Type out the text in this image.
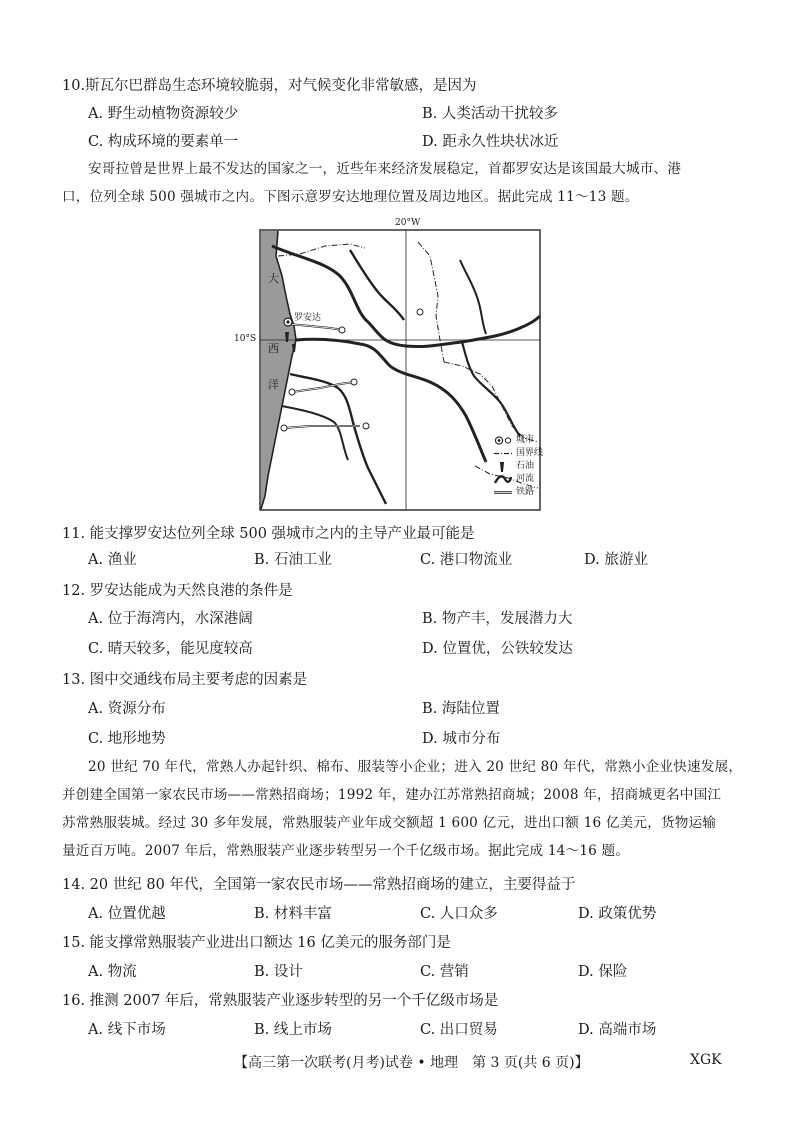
10.斯瓦尔巴群岛生态环境较脆弱，对气候变化非常敏感，是因为
A. 野生动植物资源较少	B. 人类活动干扰较多
C. 构成环境的要素单一	D. 距永久性块状冰近
安哥拉曾是世界上最不发达的国家之一，近些年来经济发展稳定，首都罗安达是该国最大城市、港
口，位列全球 500 强城市之内。下图示意罗安达地理位置及周边地区。据此完成 11～13 题。
20°W
10°S
罗安达
大
西
洋
城市
国界线
石油
河流
铁路
11. 能支撑罗安达位列全球 500 强城市之内的主导产业最可能是
A. 渔业	B. 石油工业	C. 港口物流业	D. 旅游业
12. 罗安达能成为天然良港的条件是
A. 位于海湾内，水深港阔	B. 物产丰，发展潜力大
C. 晴天较多，能见度较高	D. 位置优，公铁较发达
13. 图中交通线布局主要考虑的因素是
A. 资源分布	B. 海陆位置
C. 地形地势	D. 城市分布
20 世纪 70 年代，常熟人办起针织、棉布、服装等小企业；进入 20 世纪 80 年代，常熟小企业快速发展，
并创建全国第一家农民市场——常熟招商场；1992 年，建办江苏常熟招商城；2008 年，招商城更名中国江
苏常熟服装城。经过 30 多年发展，常熟服装产业年成交额超 1 600 亿元，进出口额 16 亿美元，货物运输
量近百万吨。2007 年后，常熟服装产业逐步转型另一个千亿级市场。据此完成 14～16 题。
14. 20 世纪 80 年代，全国第一家农民市场——常熟招商场的建立，主要得益于
A. 位置优越	B. 材料丰富	C. 人口众多	D. 政策优势
15. 能支撑常熟服装产业进出口额达 16 亿美元的服务部门是
A. 物流	B. 设计	C. 营销	D. 保险
16. 推测 2007 年后，常熟服装产业逐步转型的另一个千亿级市场是
A. 线下市场	B. 线上市场	C. 出口贸易	D. 高端市场
【高三第一次联考(月考)试卷 • 地理　第 3 页(共 6 页)】	XGK
